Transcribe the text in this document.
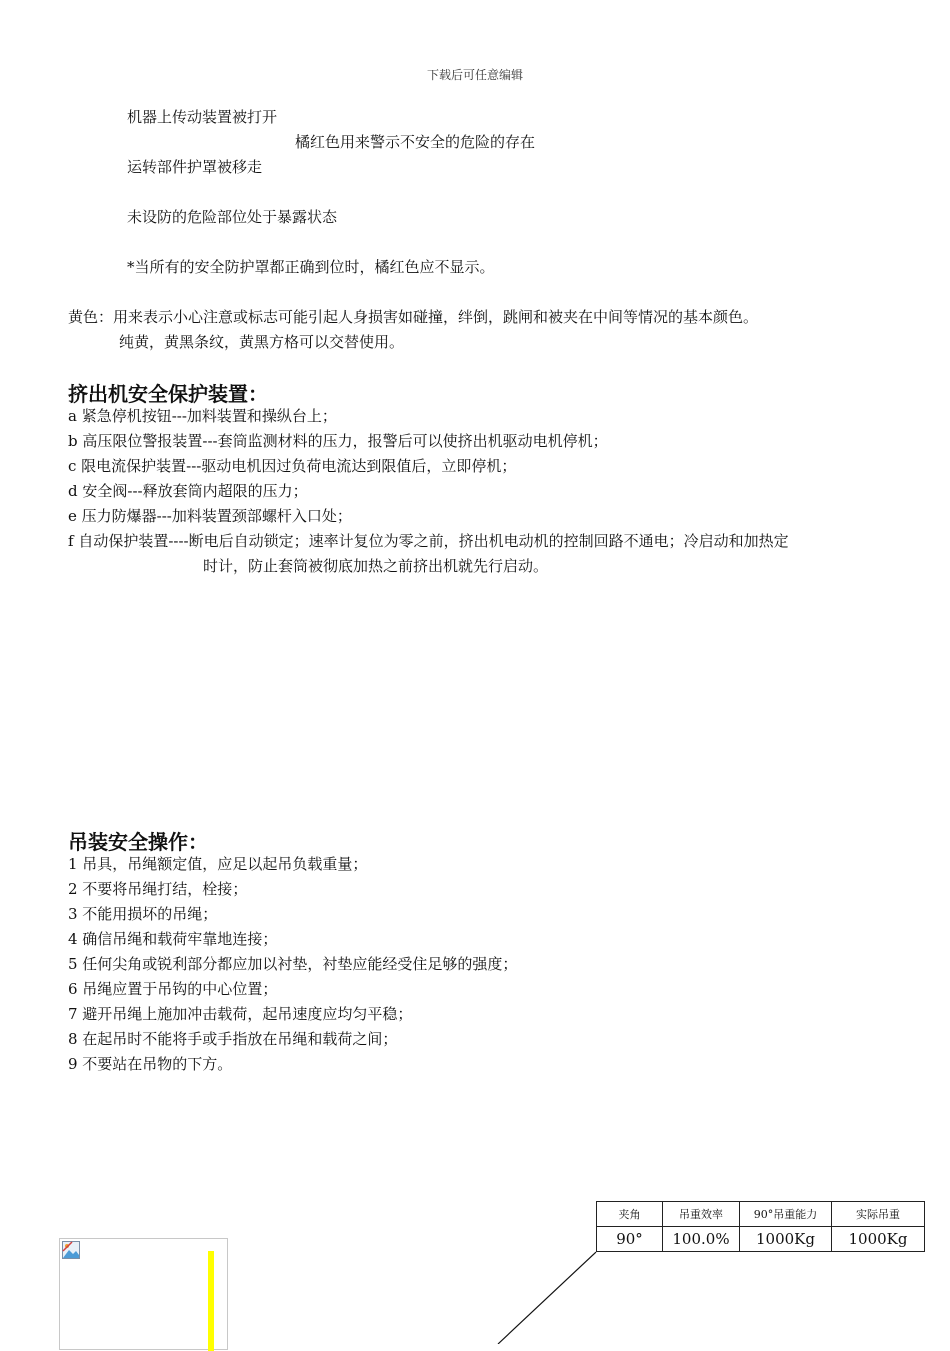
下载后可任意编辑
机器上传动装置被打开
橘红色用来警示不安全的危险的存在
运转部件护罩被移走
未设防的危险部位处于暴露状态
*当所有的安全防护罩都正确到位时，橘红色应不显示。
黄色：用来表示小心注意或标志可能引起人身损害如碰撞，绊倒，跳闸和被夹在中间等情况的基本颜色。
纯黄，黄黑条纹，黄黑方格可以交替使用。
挤出机安全保护装置：
a 紧急停机按钮---加料装置和操纵台上；
b 高压限位警报装置---套筒监测材料的压力，报警后可以使挤出机驱动电机停机；
c 限电流保护装置---驱动电机因过负荷电流达到限值后，立即停机；
d 安全阀---释放套筒内超限的压力；
e 压力防爆器---加料装置颈部螺杆入口处；
f 自动保护装置----断电后自动锁定；速率计复位为零之前，挤出机电动机的控制回路不通电；冷启动和加热定
时计，防止套筒被彻底加热之前挤出机就先行启动。
吊装安全操作：
1 吊具，吊绳额定值，应足以起吊负载重量；
2 不要将吊绳打结，栓接；
3 不能用损坏的吊绳；
4 确信吊绳和载荷牢靠地连接；
5 任何尖角或锐利部分都应加以衬垫，衬垫应能经受住足够的强度；
6 吊绳应置于吊钩的中心位置；
7 避开吊绳上施加冲击载荷，起吊速度应均匀平稳；
8 在起吊时不能将手或手指放在吊绳和载荷之间；
9 不要站在吊物的下方。
夹角	吊重效率	90°吊重能力	实际吊重
90°	100.0%	1000Kg	1000Kg
